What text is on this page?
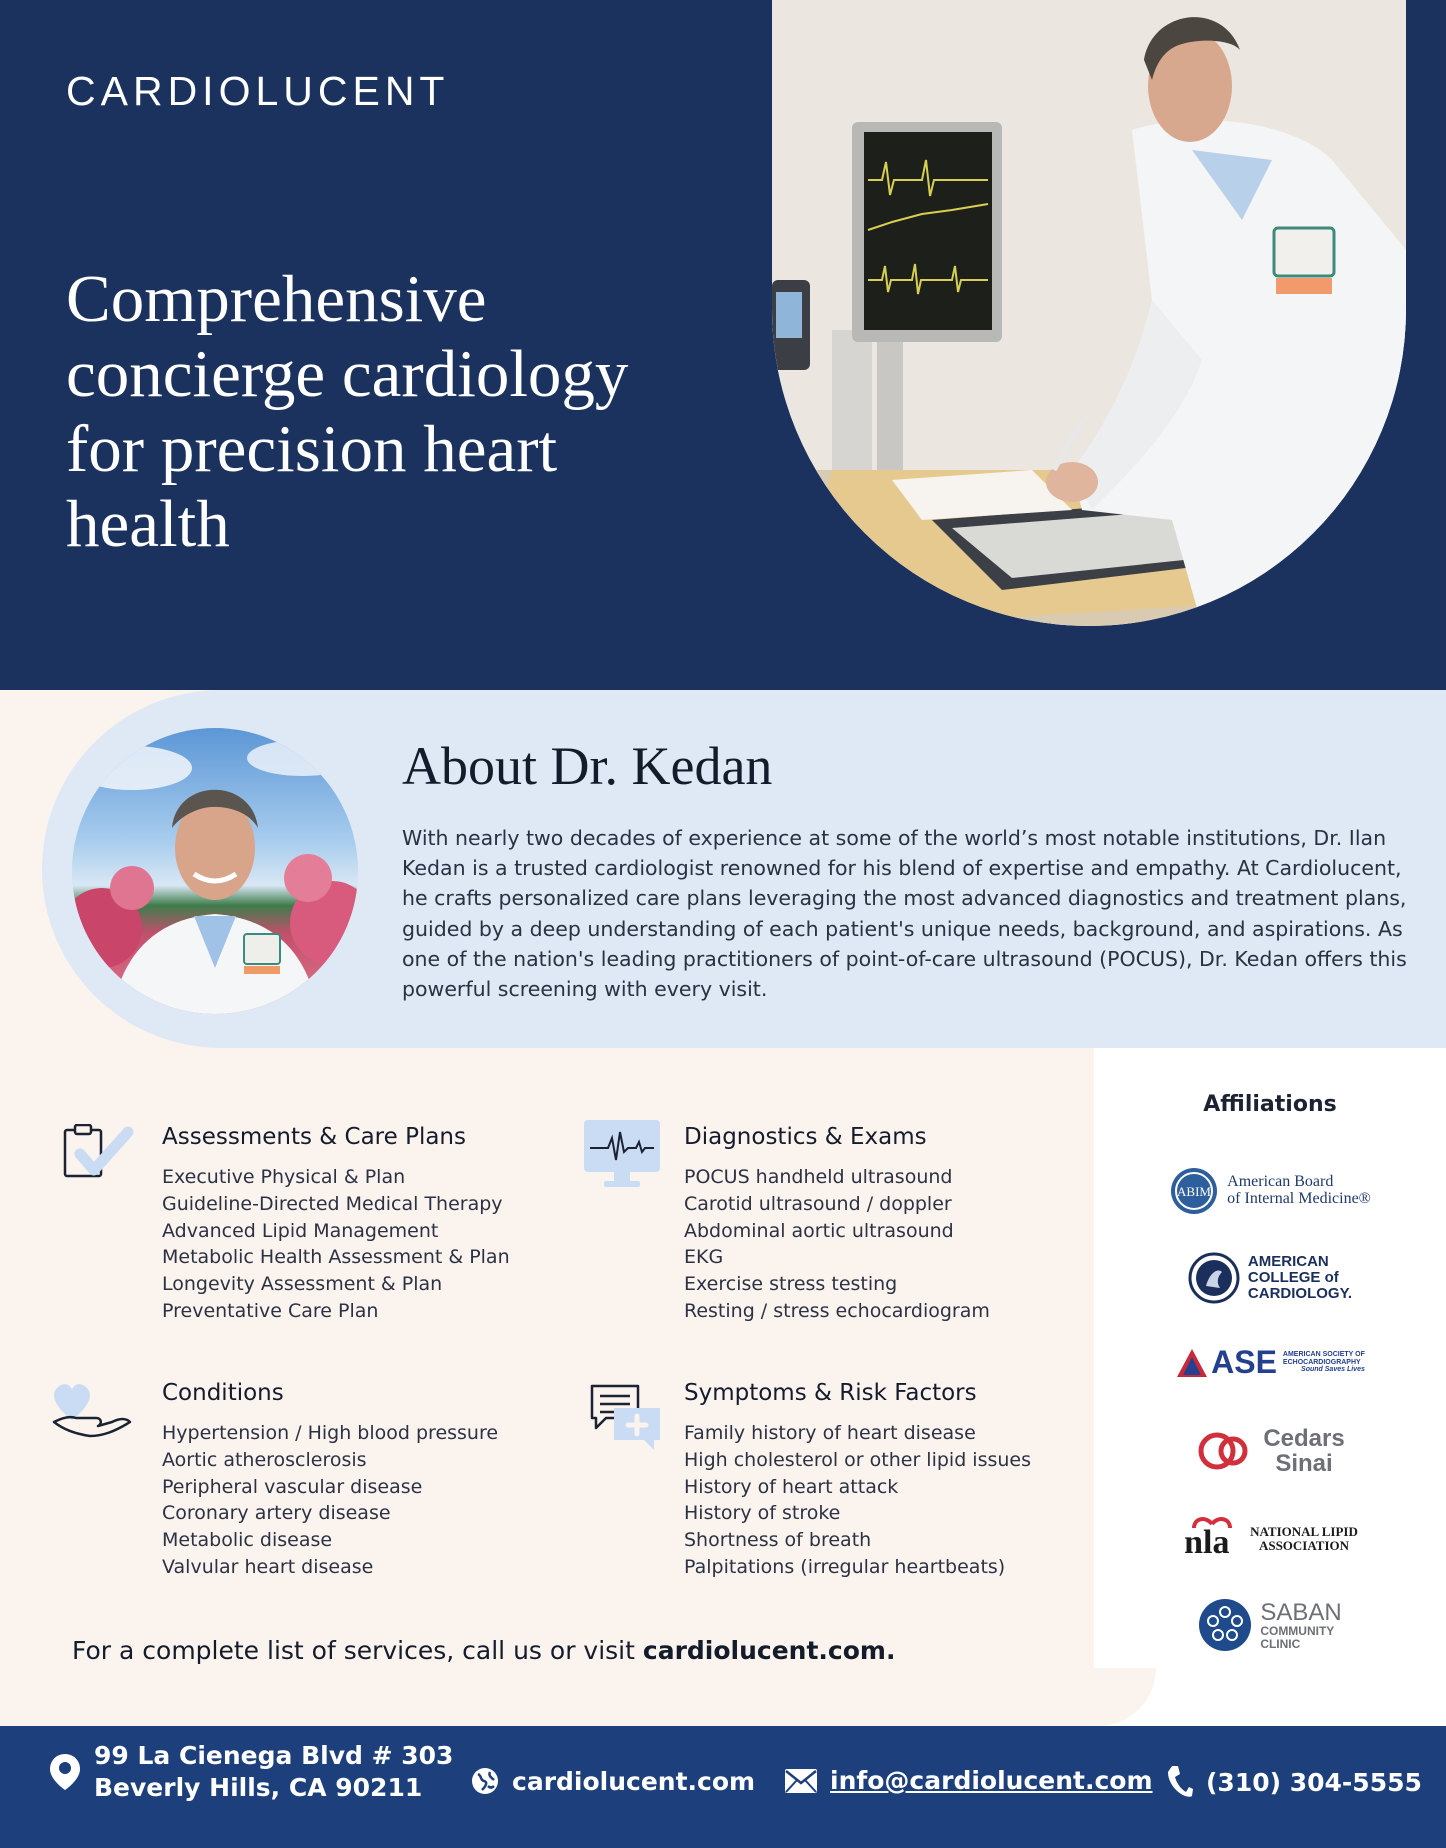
CARDIOLUCENT
Comprehensive concierge cardiology for precision heart health
About Dr. Kedan

With nearly two decades of experience at some of the world’s most notable institutions, Dr. Ilan Kedan is a trusted cardiologist renowned for his blend of expertise and empathy. At Cardiolucent, he crafts personalized care plans leveraging the most advanced diagnostics and treatment plans, guided by a deep understanding of each patient's unique needs, background, and aspirations. As one of the nation's leading practitioners of point-of-care ultrasound (POCUS), Dr. Kedan offers this powerful screening with every visit.

Assessments & Care Plans
Executive Physical & Plan
Guideline-Directed Medical Therapy
Advanced Lipid Management
Metabolic Health Assessment & Plan
Longevity Assessment & Plan
Preventative Care Plan
Diagnostics & Exams
POCUS handheld ultrasound
Carotid ultrasound / doppler
Abdominal aortic ultrasound
EKG
Exercise stress testing
Resting / stress echocardiogram
Conditions
Hypertension / High blood pressure
Aortic atherosclerosis
Peripheral vascular disease
Coronary artery disease
Metabolic disease
Valvular heart disease
Symptoms & Risk Factors
Family history of heart disease
High cholesterol or other lipid issues
History of heart attack
History of stroke
Shortness of breath
Palpitations (irregular heartbeats)

For a complete list of services, call us or visit cardiolucent.com.

Affiliations
ABIM
American Board
of Internal Medicine®
AMERICAN
COLLEGE of
CARDIOLOGY.
ASE AMERICAN SOCIETY OF
ECHOCARDIOGRAPHY
Sound Saves Lives
Cedars
Sinai
nla NATIONAL LIPID
ASSOCIATION
SABAN
COMMUNITY
CLINIC
99 La Cienega Blvd # 303
Beverly Hills, CA 90211	cardiolucent.com	info@cardiolucent.com (310) 304-5555
